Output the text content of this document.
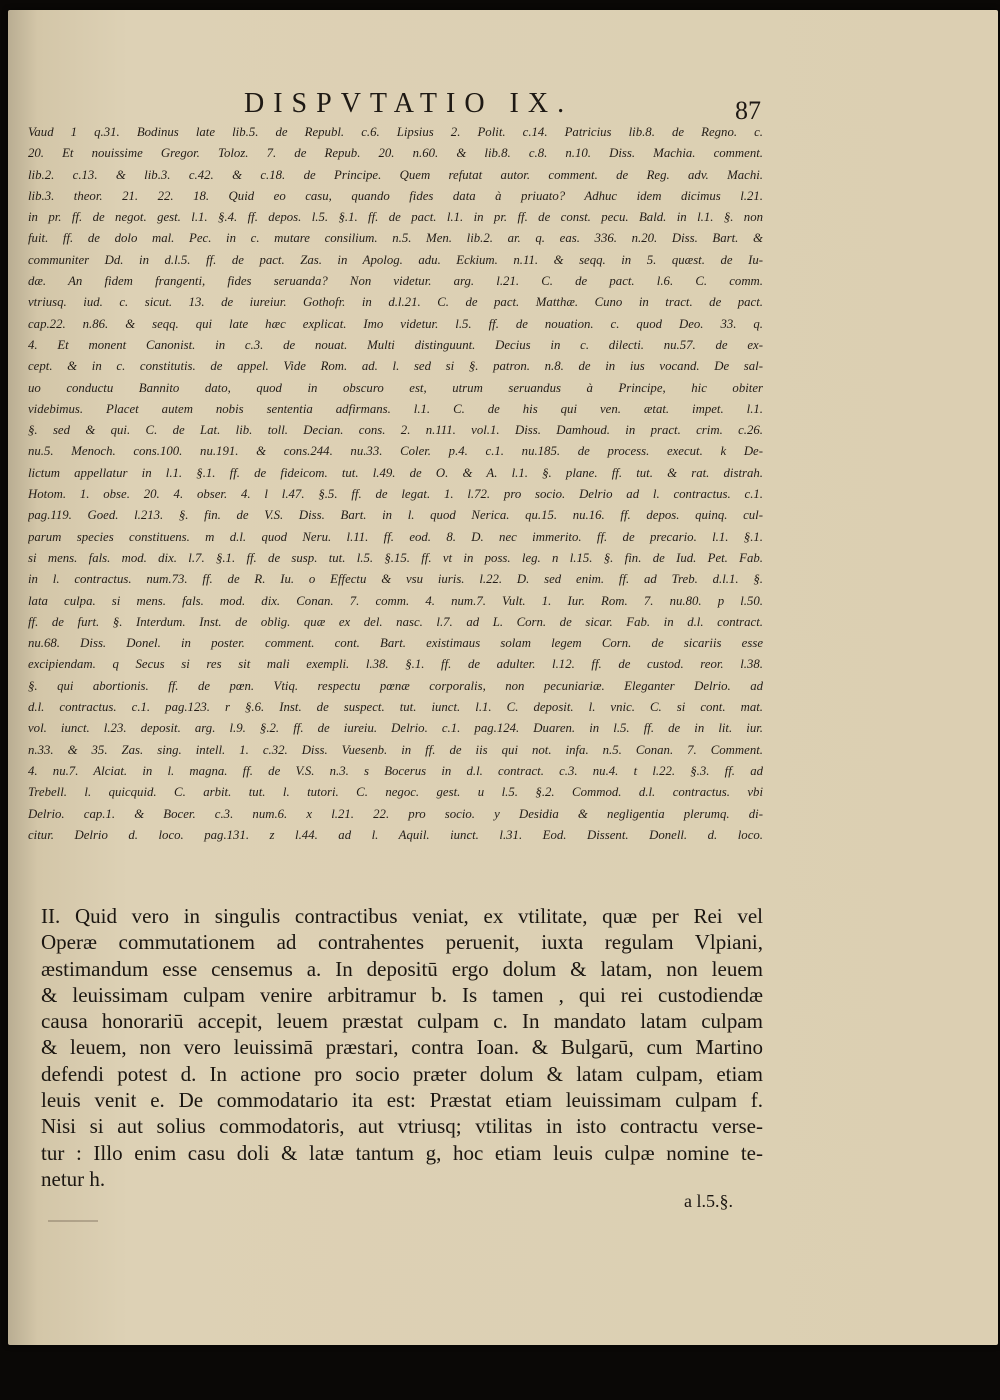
DISPVTATIO IX.	87
Vaud 1 q.31. Bodinus late lib.5. de Republ. c.6. Lipsius 2. Polit. c.14. Patricius lib.8. de Regno. c.
20. Et nouissime Gregor. Toloz. 7. de Repub. 20. n.60. & lib.8. c.8. n.10. Diss. Machia. comment.
lib.2. c.13. & lib.3. c.42. & c.18. de Principe. Quem refutat autor. comment. de Reg. adv. Machi.
lib.3. theor. 21. 22. 18. Quid eo casu, quando fides data à priuato? Adhuc idem dicimus l.21.
in pr. ff. de negot. gest. l.1. §.4. ff. depos. l.5. §.1. ff. de pact. l.1. in pr. ff. de const. pecu. Bald. in l.1. §. non
fuit. ff. de dolo mal. Pec. in c. mutare consilium. n.5. Men. lib.2. ar. q. eas. 336. n.20. Diss. Bart. &
communiter Dd. in d.l.5. ff. de pact. Zas. in Apolog. adu. Eckium. n.11. & seqq. in 5. quæst. de Iu-
dæ. An fidem frangenti, fides seruanda? Non videtur. arg. l.21. C. de pact. l.6. C. comm.
vtriusq. iud. c. sicut. 13. de iureiur. Gothofr. in d.l.21. C. de pact. Matthæ. Cuno in tract. de pact.
cap.22. n.86. & seqq. qui late hæc explicat. Imo videtur. l.5. ff. de nouation. c. quod Deo. 33. q.
4. Et monent Canonist. in c.3. de nouat. Multi distinguunt. Decius in c. dilecti. nu.57. de ex-
cept. & in c. constitutis. de appel. Vide Rom. ad. l. sed si §. patron. n.8. de in ius vocand. De sal-
uo conductu Bannito dato, quod in obscuro est, utrum seruandus à Principe, hic obiter
videbimus. Placet autem nobis sententia adfirmans. l.1. C. de his qui ven. ætat. impet. l.1.
§. sed & qui. C. de Lat. lib. toll. Decian. cons. 2. n.111. vol.1. Diss. Damhoud. in pract. crim. c.26.
nu.5. Menoch. cons.100. nu.191. & cons.244. nu.33. Coler. p.4. c.1. nu.185. de process. execut. k De-
lictum appellatur in l.1. §.1. ff. de fideicom. tut. l.49. de O. & A. l.1. §. plane. ff. tut. & rat. distrah.
Hotom. 1. obse. 20. 4. obser. 4. l l.47. §.5. ff. de legat. 1. l.72. pro socio. Delrio ad l. contractus. c.1.
pag.119. Goed. l.213. §. fin. de V.S. Diss. Bart. in l. quod Nerica. qu.15. nu.16. ff. depos. quinq. cul-
parum species constituens. m d.l. quod Neru. l.11. ff. eod. 8. D. nec immerito. ff. de precario. l.1. §.1.
si mens. fals. mod. dix. l.7. §.1. ff. de susp. tut. l.5. §.15. ff. vt in poss. leg. n l.15. §. fin. de Iud. Pet. Fab.
in l. contractus. num.73. ff. de R. Iu. o Effectu & vsu iuris. l.22. D. sed enim. ff. ad Treb. d.l.1. §.
lata culpa. si mens. fals. mod. dix. Conan. 7. comm. 4. num.7. Vult. 1. Iur. Rom. 7. nu.80. p l.50.
ff. de furt. §. Interdum. Inst. de oblig. quæ ex del. nasc. l.7. ad L. Corn. de sicar. Fab. in d.l. contract.
nu.68. Diss. Donel. in poster. comment. cont. Bart. existimaus solam legem Corn. de sicariis esse
excipiendam. q Secus si res sit mali exempli. l.38. §.1. ff. de adulter. l.12. ff. de custod. reor. l.38.
§. qui abortionis. ff. de pœn. Vtiq. respectu pœnæ corporalis, non pecuniariæ. Eleganter Delrio. ad
d.l. contractus. c.1. pag.123. r §.6. Inst. de suspect. tut. iunct. l.1. C. deposit. l. vnic. C. si cont. mat.
vol. iunct. l.23. deposit. arg. l.9. §.2. ff. de iureiu. Delrio. c.1. pag.124. Duaren. in l.5. ff. de in lit. iur.
n.33. & 35. Zas. sing. intell. 1. c.32. Diss. Vuesenb. in ff. de iis qui not. infa. n.5. Conan. 7. Comment.
4. nu.7. Alciat. in l. magna. ff. de V.S. n.3. s Bocerus in d.l. contract. c.3. nu.4. t l.22. §.3. ff. ad
Trebell. l. quicquid. C. arbit. tut. l. tutori. C. negoc. gest. u l.5. §.2. Commod. d.l. contractus. vbi
Delrio. cap.1. & Bocer. c.3. num.6. x l.21. 22. pro socio. y Desidia & negligentia plerumq. di-
citur. Delrio d. loco. pag.131. z l.44. ad l. Aquil. iunct. l.31. Eod. Dissent. Donell. d. loco.
II. Quid vero in singulis contractibus veniat, ex vtilitate, quæ per Rei vel
Operæ commutationem ad contrahentes peruenit, iuxta regulam Vlpiani,
æstimandum esse censemus a. In depositū ergo dolum & latam, non leuem
& leuissimam culpam venire arbitramur b. Is tamen , qui rei custodiendæ
causa honorariū accepit, leuem præstat culpam c. In mandato latam culpam
& leuem, non vero leuissimā præstari, contra Ioan. & Bulgarū, cum Martino
defendi potest d. In actione pro socio præter dolum & latam culpam, etiam
leuis venit e. De commodatario ita est: Præstat etiam leuissimam culpam f.
Nisi si aut solius commodatoris, aut vtriusq; vtilitas in isto contractu verse-
tur : Illo enim casu doli & latæ tantum g, hoc etiam leuis culpæ nomine te-
netur h.
a l.5.§.
